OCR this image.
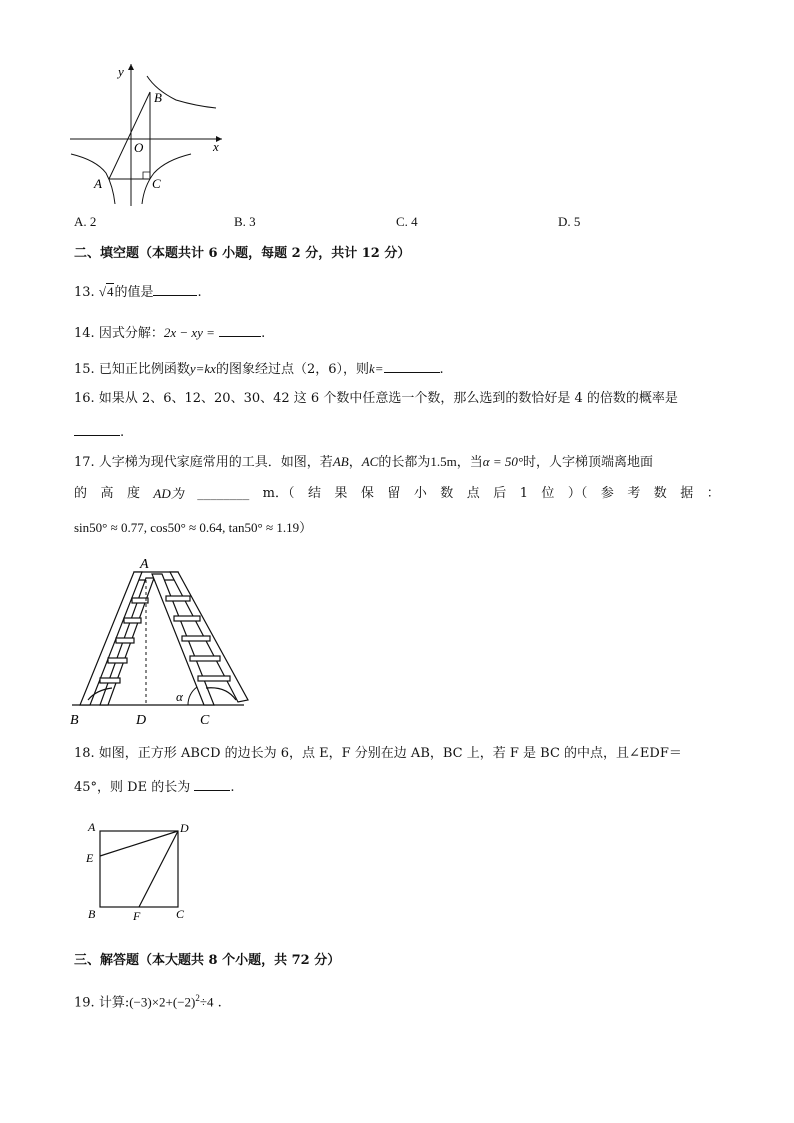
y
x
B
O
A	C
A. 2	B. 3	C. 4	D. 5
二、填空题（本题共计 6 小题，每题 2 分，共计 12 分）
13. √4的值是	.
14. 因式分解：2x − xy =	.
15. 已知正比例函数y=kx的图象经过点（2，6），则k=	.
16. 如果从 2、6、12、20、30、42 这 6 个数中任意选一个数，那么选到的数恰好是 4 的倍数的概率是
.
17. 人字梯为现代家庭常用的工具．如图，若AB，AC的长都为1.5m，当α = 50°时，人字梯顶端离地面
的 高 度 AD为 ________ m．（ 结 果 保 留 小 数 点 后 1 位 ）（ 参 考 数 据 ：
sin50° ≈ 0.77, cos50° ≈ 0.64, tan50° ≈ 1.19）
A
B	D	C
α
18. 如图，正方形 ABCD 的边长为 6，点 E，F 分别在边 AB，BC 上，若 F 是 BC 的中点，且∠EDF＝
45°，则 DE 的长为	.
A	D
E
B	F	C
三、解答题（本大题共 8 个小题，共 72 分）
19. 计算$:(-3)\times 2+(-2)^2\div 4$ .
